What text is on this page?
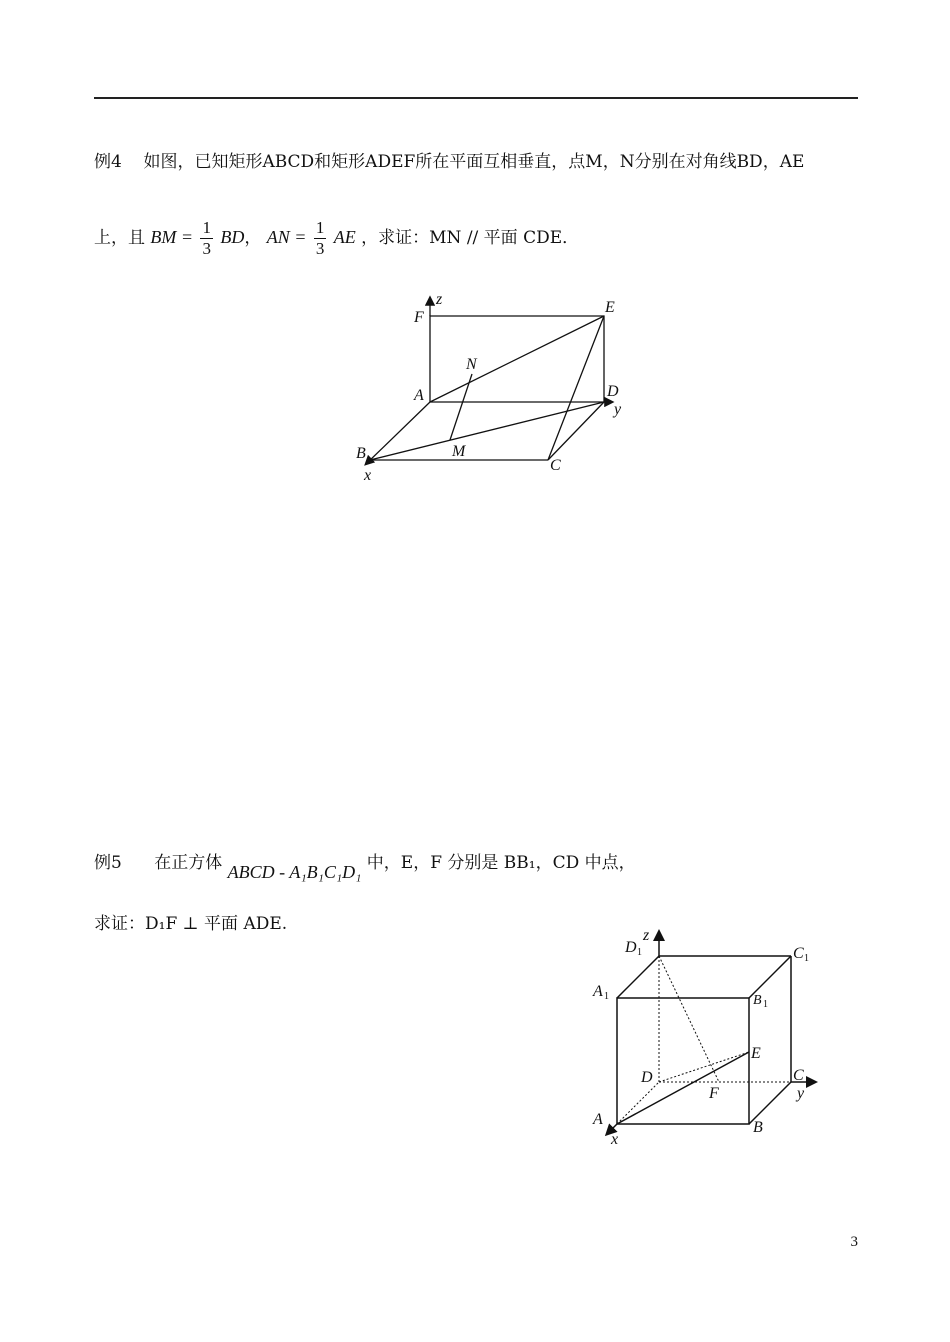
例4 如图，已知矩形ABCD和矩形ADEF所在平面互相垂直，点M，N分别在对角线BD，AE
上，且 BM = $\frac{1}{3}$ BD， AN = $\frac{1}{3}$ AE ，求证：MN // 平面 CDE．
F
z	E
N
A	D
y
B	M
C
x
例5 在正方体 ABCD - A₁B₁C₁D₁ 中，E，F 分别是 BB₁，CD 中点，
求证：D₁F ⊥ 平面 ADE.
D 1
z
C 1
A 1	B 1
E
D
F
C
y
A	B
x
3
